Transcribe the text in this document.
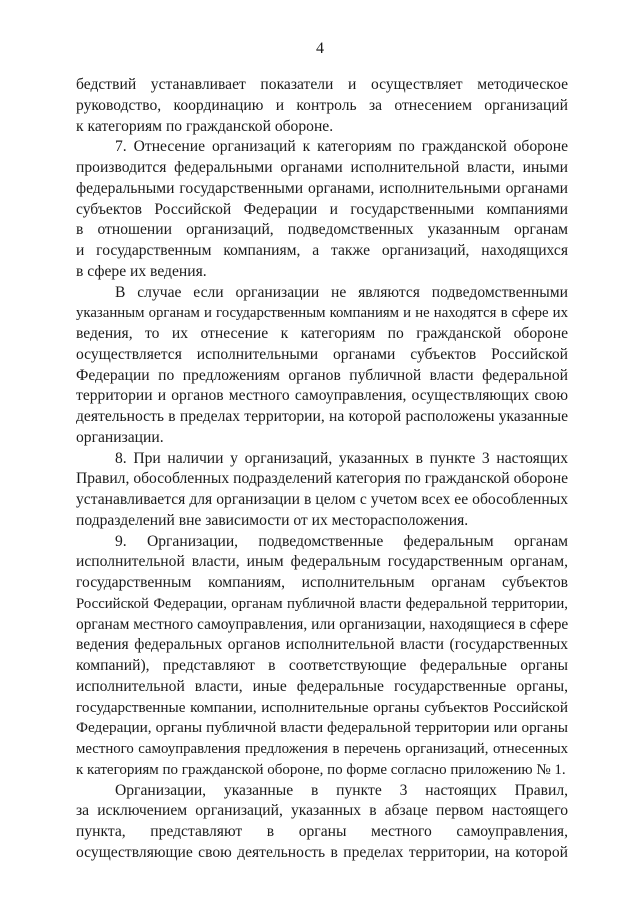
4
бедствий устанавливает показатели и осуществляет методическое
руководство, координацию и контроль за отнесением организаций
к категориям по гражданской обороне.
7. Отнесение организаций к категориям по гражданской обороне
производится федеральными органами исполнительной власти, иными
федеральными государственными органами, исполнительными органами
субъектов Российской Федерации и государственными компаниями
в отношении организаций, подведомственных указанным органам
и государственным компаниям, а также организаций, находящихся
в сфере их ведения.
В случае если организации не являются подведомственными
указанным органам и государственным компаниям и не находятся в сфере их
ведения, то их отнесение к категориям по гражданской обороне
осуществляется исполнительными органами субъектов Российской
Федерации по предложениям органов публичной власти федеральной
территории и органов местного самоуправления, осуществляющих свою
деятельность в пределах территории, на которой расположены указанные
организации.
8. При наличии у организаций, указанных в пункте 3 настоящих
Правил, обособленных подразделений категория по гражданской обороне
устанавливается для организации в целом с учетом всех ее обособленных
подразделений вне зависимости от их месторасположения.
9. Организации, подведомственные федеральным органам
исполнительной власти, иным федеральным государственным органам,
государственным компаниям, исполнительным органам субъектов
Российской Федерации, органам публичной власти федеральной территории,
органам местного самоуправления, или организации, находящиеся в сфере
ведения федеральных органов исполнительной власти (государственных
компаний), представляют в соответствующие федеральные органы
исполнительной власти, иные федеральные государственные органы,
государственные компании, исполнительные органы субъектов Российской
Федерации, органы публичной власти федеральной территории или органы
местного самоуправления предложения в перечень организаций, отнесенных
к категориям по гражданской обороне, по форме согласно приложению № 1.
Организации, указанные в пункте 3 настоящих Правил,
за исключением организаций, указанных в абзаце первом настоящего
пункта, представляют в органы местного самоуправления,
осуществляющие свою деятельность в пределах территории, на которой
